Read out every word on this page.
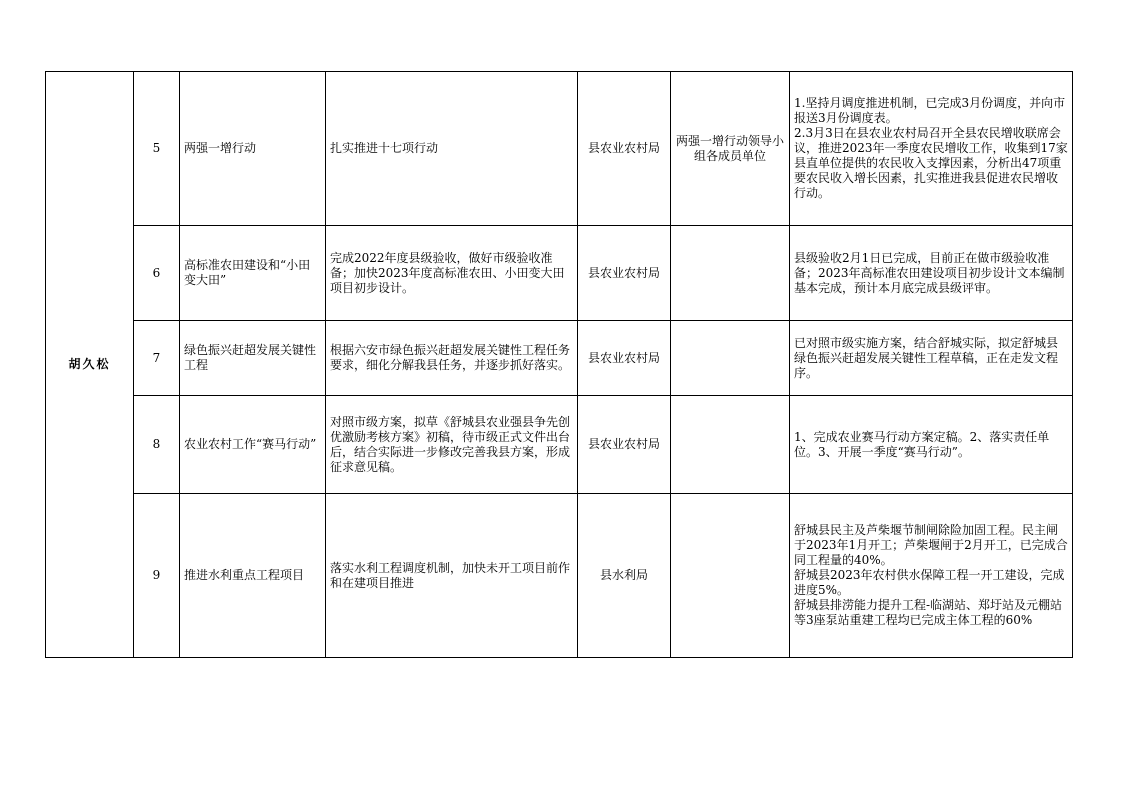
胡久松	5	两强一增行动	扎实推进十七项行动	县农业农村局	两强一增行动领导小组各成员单位	1.坚持月调度推进机制，已完成3月份调度，并向市报送3月份调度表。
2.3月3日在县农业农村局召开全县农民增收联席会议，推进2023年一季度农民增收工作，收集到17家县直单位提供的农民收入支撑因素，分析出47项重要农民收入增长因素，扎实推进我县促进农民增收行动。

	6	高标准农田建设和“小田变大田”	完成2022年度县级验收，做好市级验收准备；加快2023年度高标准农田、小田变大田项目初步设计。	县农业农村局		县级验收2月1日已完成，目前正在做市级验收准备；2023年高标准农田建设项目初步设计文本编制基本完成，预计本月底完成县级评审。

	7	绿色振兴赶超发展关键性工程	根据六安市绿色振兴赶超发展关键性工程任务要求，细化分解我县任务，并逐步抓好落实。	县农业农村局		已对照市级实施方案，结合舒城实际，拟定舒城县绿色振兴赶超发展关键性工程草稿，正在走发文程序。

	8	农业农村工作“赛马行动”	对照市级方案，拟草《舒城县农业强县争先创优激励考核方案》初稿，待市级正式文件出台后，结合实际进一步修改完善我县方案，形成征求意见稿。	县农业农村局		1、完成农业赛马行动方案定稿。2、落实责任单位。3、开展一季度“赛马行动”。

	9	推进水利重点工程项目	落实水利工程调度机制，加快未开工项目前作和在建项目推进	县水利局		舒城县民主及芦柴堰节制闸除险加固工程。民主闸于2023年1月开工；芦柴堰闸于2月开工，已完成合同工程量的40%。
舒城县2023年农村供水保障工程一开工建设，完成进度5%。
舒城县排涝能力提升工程-临湖站、郑圩站及元棚站等3座泵站重建工程均已完成主体工程的60%
